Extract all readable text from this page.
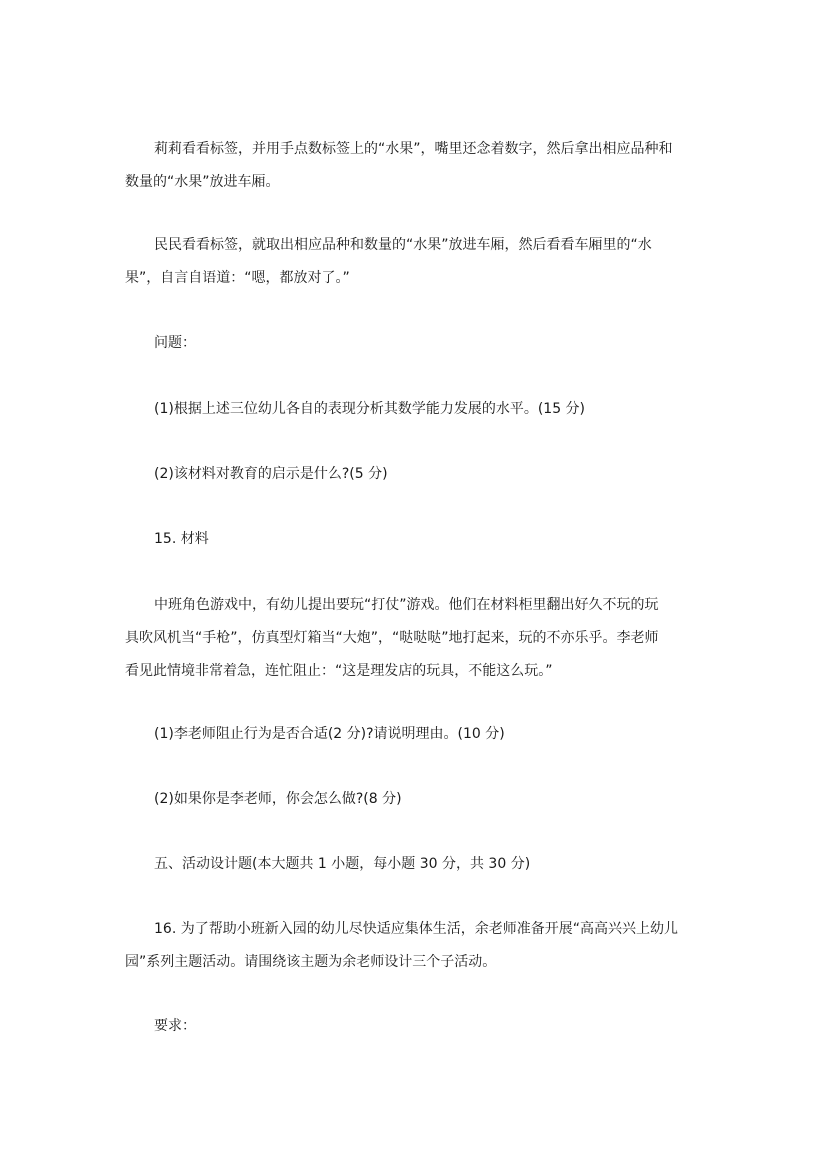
莉莉看看标签，并用手点数标签上的“水果”，嘴里还念着数字，然后拿出相应品种和
数量的“水果”放进车厢。

民民看看标签，就取出相应品种和数量的“水果”放进车厢，然后看看车厢里的“水
果”，自言自语道：“嗯，都放对了。”

问题：

(1)根据上述三位幼儿各自的表现分析其数学能力发展的水平。(15 分)

(2)该材料对教育的启示是什么?(5 分)

15. 材料

中班角色游戏中，有幼儿提出要玩“打仗”游戏。他们在材料柜里翻出好久不玩的玩
具吹风机当“手枪”，仿真型灯箱当“大炮”，“哒哒哒”地打起来，玩的不亦乐乎。李老师
看见此情境非常着急，连忙阻止：“这是理发店的玩具，不能这么玩。”

(1)李老师阻止行为是否合适(2 分)?请说明理由。(10 分)

(2)如果你是李老师，你会怎么做?(8 分)

五、活动设计题(本大题共 1 小题，每小题 30 分，共 30 分)

16. 为了帮助小班新入园的幼儿尽快适应集体生活，余老师准备开展“高高兴兴上幼儿
园”系列主题活动。请围绕该主题为余老师设计三个子活动。

要求：
